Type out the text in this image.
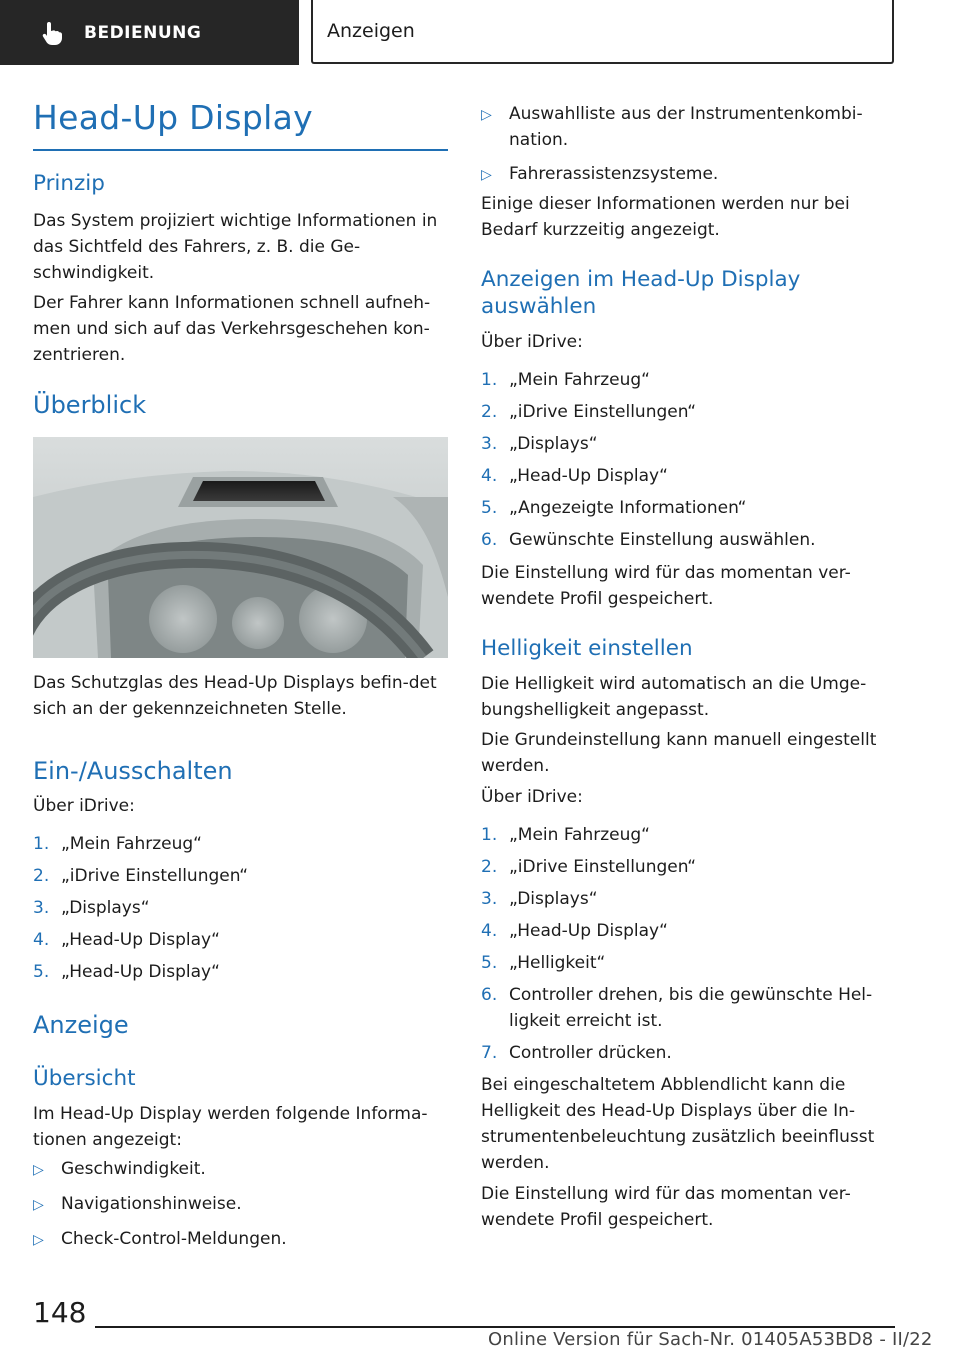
BEDIENUNG	Anzeigen
Head-Up Display
Prinzip
Das System projiziert wichtige Informationen in das Sichtfeld des Fahrers, z. B. die Ge-schwindigkeit.
Der Fahrer kann Informationen schnell aufneh-men und sich auf das Verkehrsgeschehen kon-zentrieren.
Überblick
Das Schutzglas des Head-Up Displays befin-det sich an der gekennzeichneten Stelle.
Ein-/Ausschalten
Über iDrive:
1. „Mein Fahrzeug“
2. „iDrive Einstellungen“
3. „Displays“
4. „Head-Up Display“
5. „Head-Up Display“
Anzeige
Übersicht
Im Head-Up Display werden folgende Informa-tionen angezeigt:
▷	Geschwindigkeit.
▷	Navigationshinweise.
▷	Check-Control-Meldungen.
▷	Auswahlliste aus der Instrumentenkombi-nation.
▷	Fahrerassistenzsysteme.
Einige dieser Informationen werden nur bei Bedarf kurzzeitig angezeigt.
Anzeigen im Head-Up Display auswählen
Über iDrive:
1. „Mein Fahrzeug“
2. „iDrive Einstellungen“
3. „Displays“
4. „Head-Up Display“
5. „Angezeigte Informationen“
6. Gewünschte Einstellung auswählen.
Die Einstellung wird für das momentan ver-wendete Profil gespeichert.
Helligkeit einstellen
Die Helligkeit wird automatisch an die Umge-bungshelligkeit angepasst.
Die Grundeinstellung kann manuell eingestellt werden.
Über iDrive:
1. „Mein Fahrzeug“
2. „iDrive Einstellungen“
3. „Displays“
4. „Head-Up Display“
5. „Helligkeit“
6. Controller drehen, bis die gewünschte Hel-ligkeit erreicht ist.
7. Controller drücken.
Bei eingeschaltetem Abblendlicht kann die Helligkeit des Head-Up Displays über die In-strumentenbeleuchtung zusätzlich beeinflusst werden.
Die Einstellung wird für das momentan ver-wendete Profil gespeichert.
148
Online Version für Sach-Nr. 01405A53BD8 - II/22
